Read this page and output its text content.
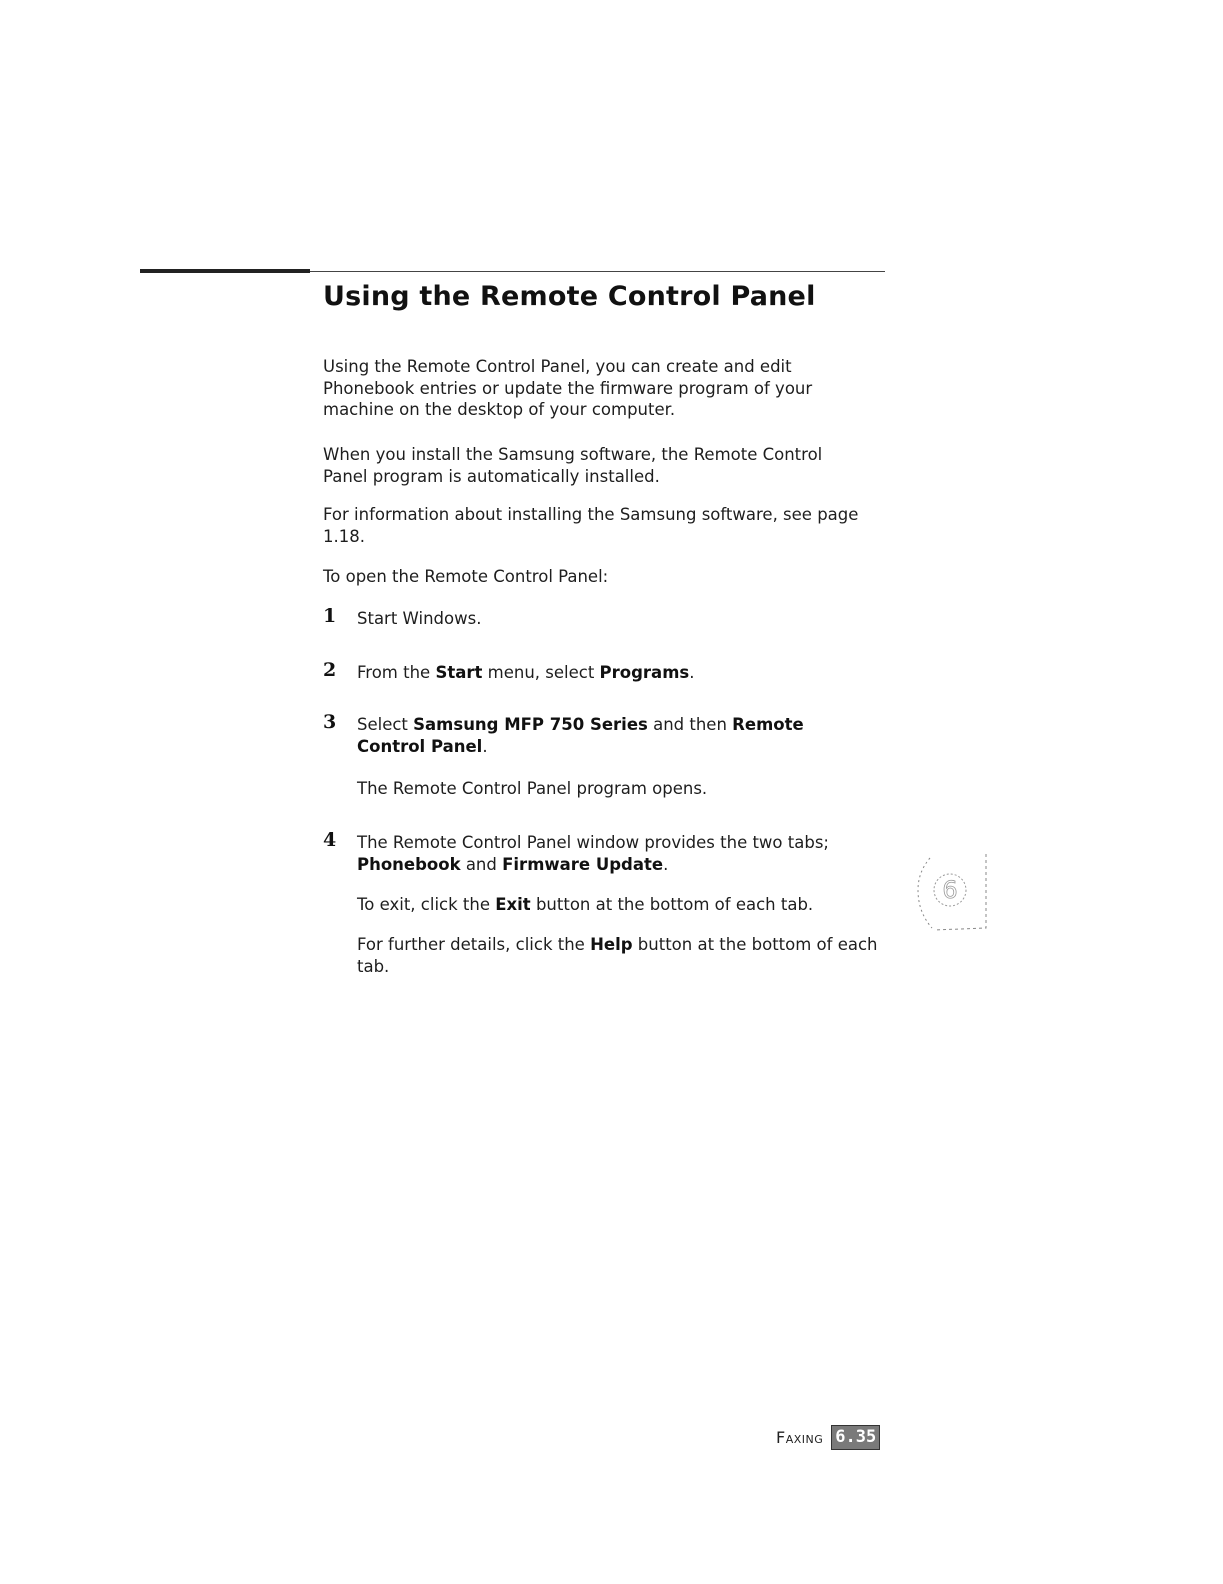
Using the Remote Control Panel

Using the Remote Control Panel, you can create and edit Phonebook entries or update the firmware program of your machine on the desktop of your computer.

When you install the Samsung software, the Remote Control Panel program is automatically installed.

For information about installing the Samsung software, see page 1.18.

To open the Remote Control Panel:

1 Start Windows.
2 From the Start menu, select Programs.
3 Select Samsung MFP 750 Series and then Remote Control Panel.

The Remote Control Panel program opens.

4 The Remote Control Panel window provides the two tabs; Phonebook and Firmware Update.

To exit, click the Exit button at the bottom of each tab.

For further details, click the Help button at the bottom of each tab.

6
Faxing 6.35
